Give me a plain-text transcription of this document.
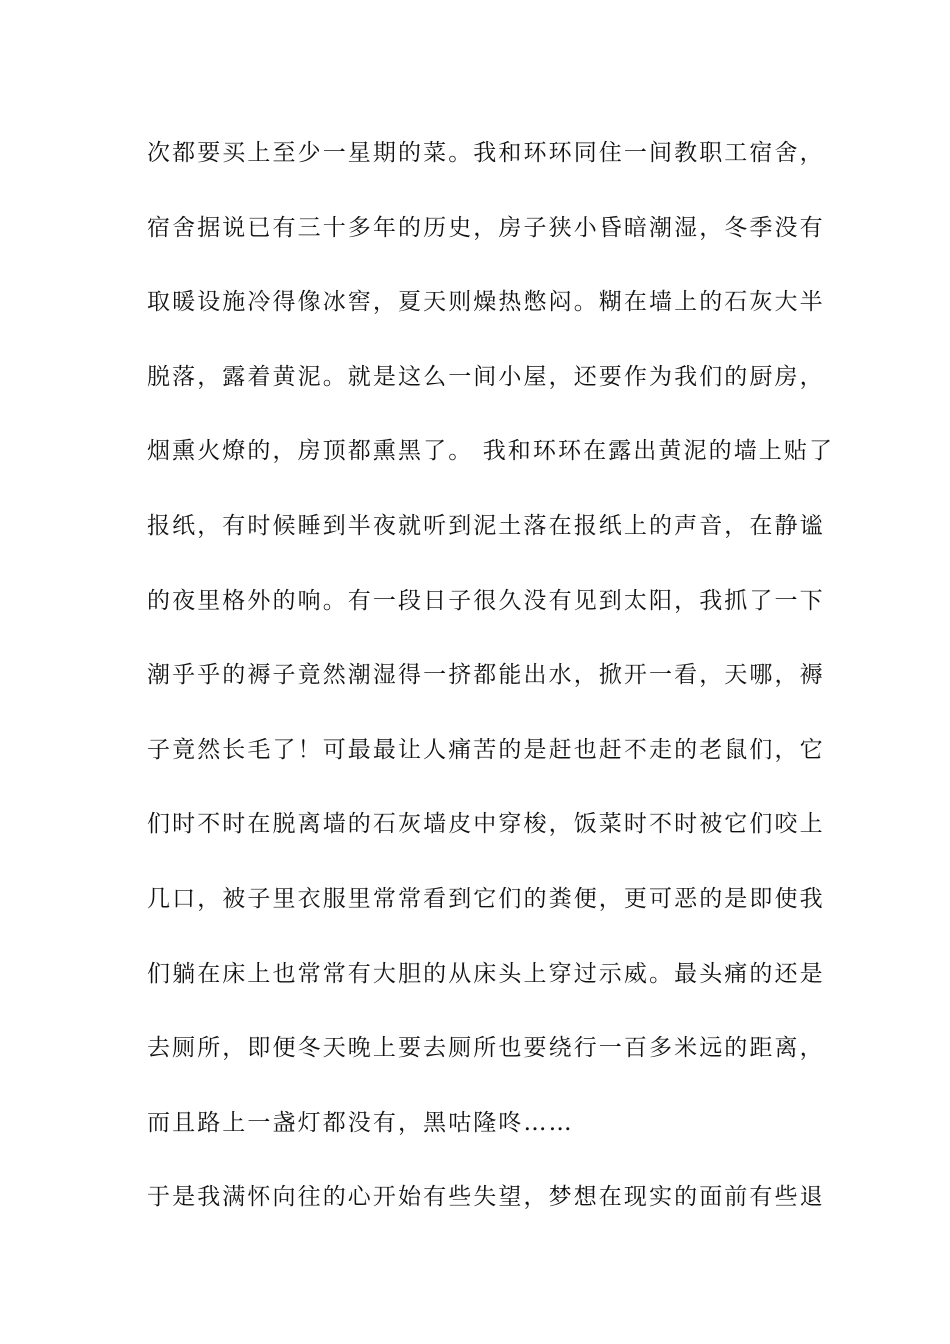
次都要买上至少一星期的菜。我和环环同住一间教职工宿舍，
宿舍据说已有三十多年的历史，房子狭小昏暗潮湿，冬季没有
取暖设施冷得像冰窖，夏天则燥热憋闷。糊在墙上的石灰大半
脱落，露着黄泥。就是这么一间小屋，还要作为我们的厨房，
烟熏火燎的，房顶都熏黑了。 我和环环在露出黄泥的墙上贴了
报纸，有时候睡到半夜就听到泥土落在报纸上的声音，在静谧
的夜里格外的响。有一段日子很久没有见到太阳，我抓了一下
潮乎乎的褥子竟然潮湿得一挤都能出水，掀开一看，天哪，褥
子竟然长毛了！可最最让人痛苦的是赶也赶不走的老鼠们，它
们时不时在脱离墙的石灰墙皮中穿梭，饭菜时不时被它们咬上
几口，被子里衣服里常常看到它们的粪便，更可恶的是即使我
们躺在床上也常常有大胆的从床头上穿过示威。最头痛的还是
去厕所，即便冬天晚上要去厕所也要绕行一百多米远的距离，
而且路上一盏灯都没有，黑咕隆咚……
于是我满怀向往的心开始有些失望，梦想在现实的面前有些退
